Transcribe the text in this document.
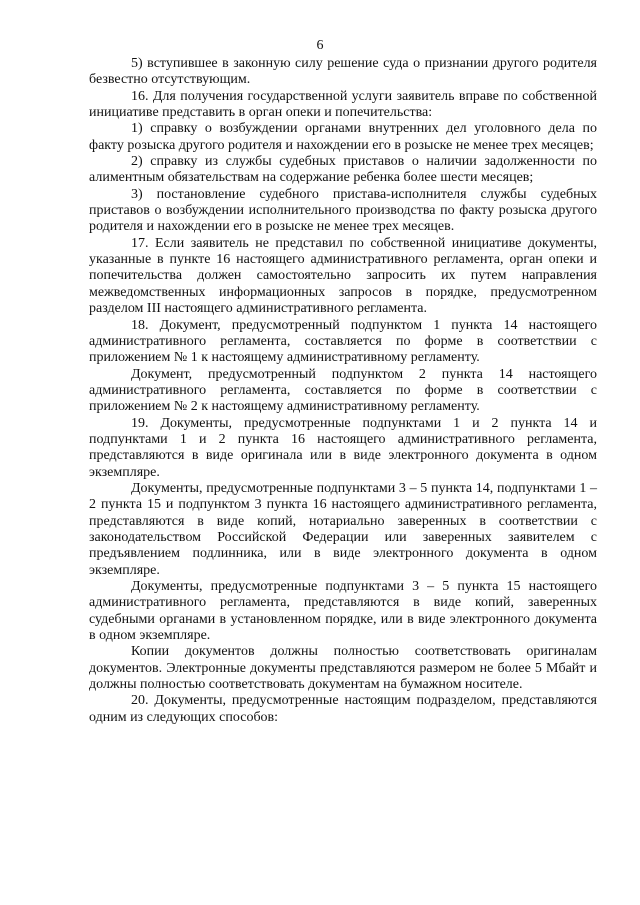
6

5) вступившее в законную силу решение суда о признании другого родителя безвестно отсутствующим.

16. Для получения государственной услуги заявитель вправе по собственной инициативе представить в орган опеки и попечительства:

1) справку о возбуждении органами внутренних дел уголовного дела по факту розыска другого родителя и нахождении его в розыске не менее трех месяцев;

2) справку из службы судебных приставов о наличии задолженности по алиментным обязательствам на содержание ребенка более шести месяцев;

3) постановление судебного пристава-исполнителя службы судебных приставов о возбуждении исполнительного производства по факту розыска другого родителя и нахождении его в розыске не менее трех месяцев.

17. Если заявитель не представил по собственной инициативе документы, указанные в пункте 16 настоящего административного регламента, орган опеки и попечительства должен самостоятельно запросить их путем направления межведомственных информационных запросов в порядке, предусмотренном разделом III настоящего административного регламента.

18. Документ, предусмотренный подпунктом 1 пункта 14 настоящего административного регламента, составляется по форме в соответствии с приложением № 1 к настоящему административному регламенту.

Документ, предусмотренный подпунктом 2 пункта 14 настоящего административного регламента, составляется по форме в соответствии с приложением № 2 к настоящему административному регламенту.

19. Документы, предусмотренные подпунктами 1 и 2 пункта 14 и подпунктами 1 и 2 пункта 16 настоящего административного регламента, представляются в виде оригинала или в виде электронного документа в одном экземпляре.

Документы, предусмотренные подпунктами 3 – 5 пункта 14, подпунктами 1 – 2 пункта 15 и подпунктом 3 пункта 16 настоящего административного регламента, представляются в виде копий, нотариально заверенных в соответствии с законодательством Российской Федерации или заверенных заявителем с предъявлением подлинника, или в виде электронного документа в одном экземпляре.

Документы, предусмотренные подпунктами 3 – 5 пункта 15 настоящего административного регламента, представляются в виде копий, заверенных судебными органами в установленном порядке, или в виде электронного документа в одном экземпляре.

Копии документов должны полностью соответствовать оригиналам документов. Электронные документы представляются размером не более 5 Мбайт и должны полностью соответствовать документам на бумажном носителе.

20. Документы, предусмотренные настоящим подразделом, представляются одним из следующих способов:
